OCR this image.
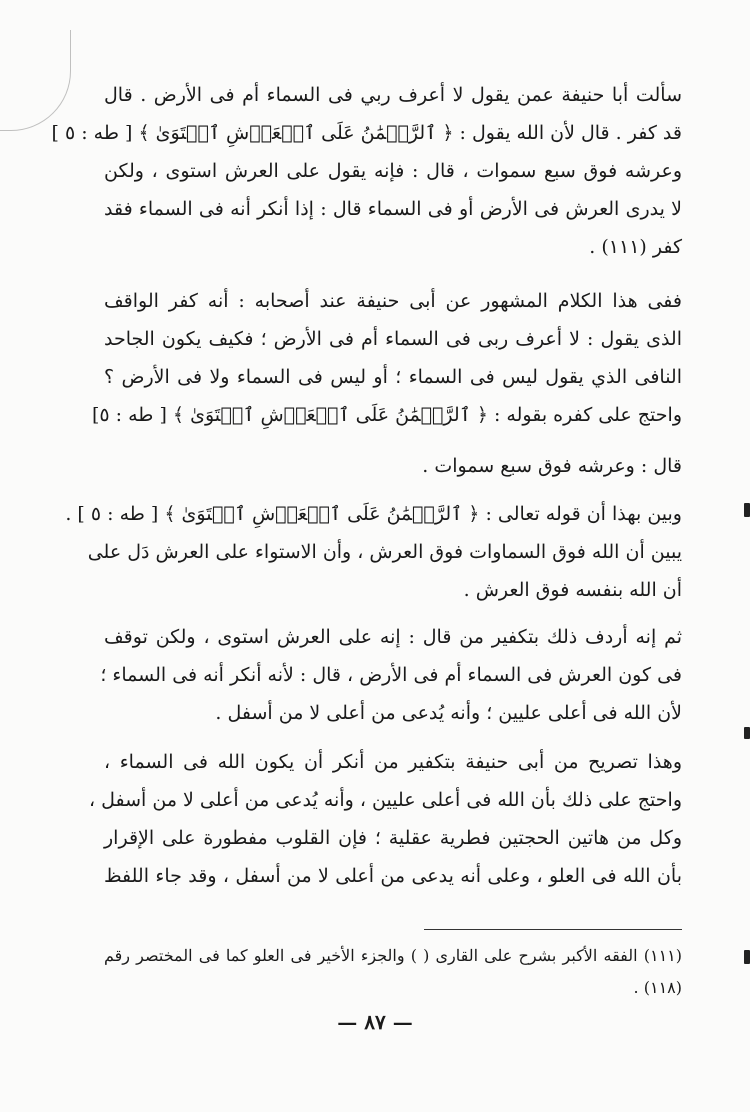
سألت أبا حنيفة عمن يقول لا أعرف ربي فى السماء أم فى الأرض . قال
قد كفر . قال لأن الله يقول : ﴿ ٱلرَّحۡمَٰنُ عَلَى ٱلۡعَرۡشِ ٱسۡتَوَىٰ ﴾ [ طه : ٥ ]
وعرشه فوق سبع سموات ، قال : فإنه يقول على العرش استوى ، ولكن
لا يدرى العرش فى الأرض أو فى السماء قال : إذا أنكر أنه فى السماء فقد
كفر (١١١) .
ففى هذا الكلام المشهور عن أبى حنيفة عند أصحابه : أنه كفر الواقف
الذى يقول : لا أعرف ربى فى السماء أم فى الأرض ؛ فكيف يكون الجاحد
النافى الذي يقول ليس فى السماء ؛ أو ليس فى السماء ولا فى الأرض ؟
واحتج على كفره بقوله : ﴿ ٱلرَّحۡمَٰنُ عَلَى ٱلۡعَرۡشِ ٱسۡتَوَىٰ ﴾ [ طه : ٥]
قال : وعرشه فوق سبع سموات .
وبين بهذا أن قوله تعالى : ﴿ ٱلرَّحۡمَٰنُ عَلَى ٱلۡعَرۡشِ ٱسۡتَوَىٰ ﴾ [ طه : ٥ ] .
يبين أن الله فوق السماوات فوق العرش ، وأن الاستواء على العرش دَل على
أن الله بنفسه فوق العرش .
ثم إنه أردف ذلك بتكفير من قال : إنه على العرش استوى ، ولكن توقف
فى كون العرش فى السماء أم فى الأرض ، قال : لأنه أنكر أنه فى السماء ؛
لأن الله فى أعلى عليين ؛ وأنه يُدعى من أعلى لا من أسفل .
وهذا تصريح من أبى حنيفة بتكفير من أنكر أن يكون الله فى السماء ،
واحتج على ذلك بأن الله فى أعلى عليين ، وأنه يُدعى من أعلى لا من أسفل ،
وكل من هاتين الحجتين فطرية عقلية ؛ فإن القلوب مفطورة على الإقرار
بأن الله فى العلو ، وعلى أنه يدعى من أعلى لا من أسفل ، وقد جاء اللفظ
(١١١) الفقه الأكبر بشرح على القارى ( ) والجزء الأخير فى العلو كما فى المختصر رقم
(١١٨) .
— ٨٧ —
